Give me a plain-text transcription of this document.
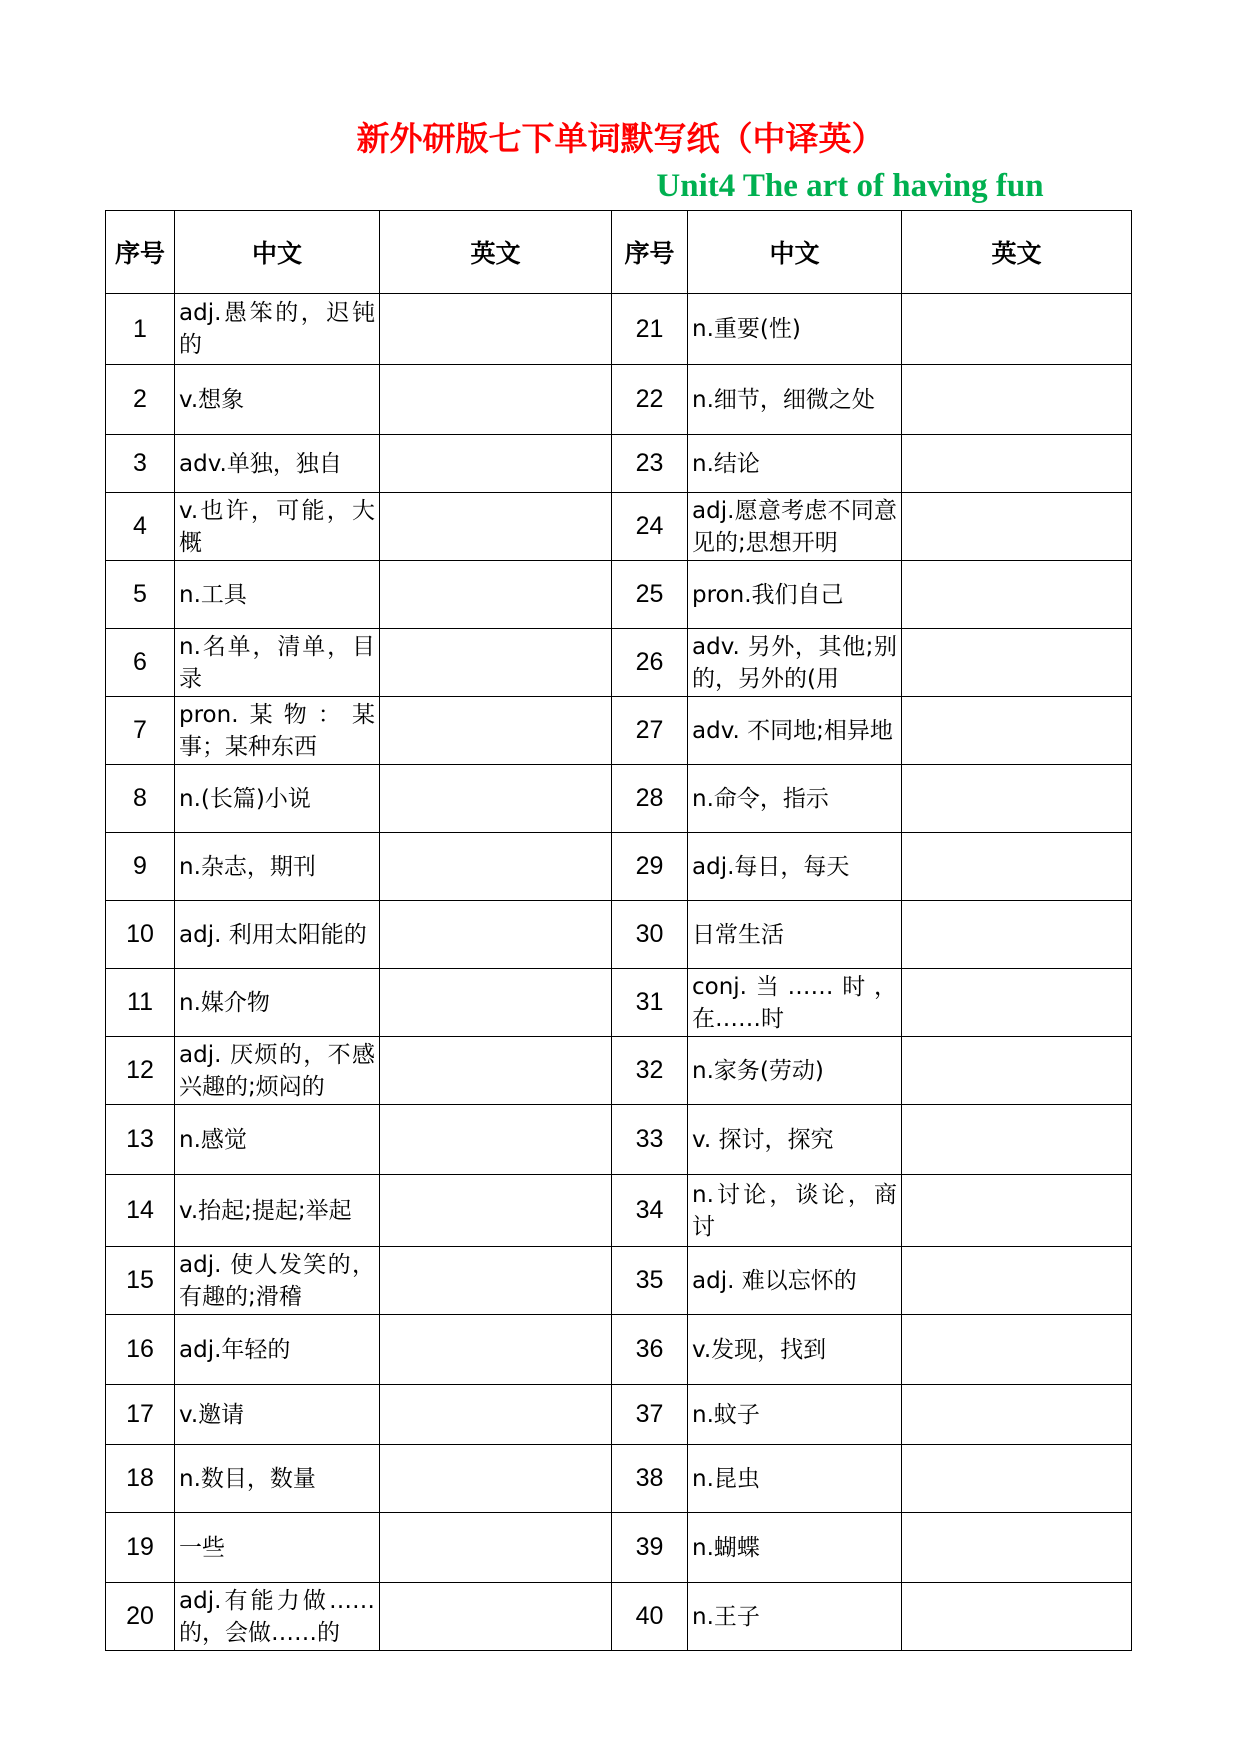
新外研版七下单词默写纸（中译英）
Unit4 The art of having fun
序号	中文	英文	序号	中文	英文
1	adj.愚笨的，迟钝的		21	n.重要(性)	

2	v.想象		22	n.细节，细微之处	

3	adv.单独，独自		23	n.结论	

4	v.也许，可能，大概		24	adj.愿意考虑不同意见的;思想开明	

5	n.工具		25	pron.我们自己	

6	n.名单，清单，目录		26	adv. 另外，其他;别的，另外的(用	

7	pron.某物：某事；某种东西		27	adv. 不同地;相异地	

8	n.(长篇)小说		28	n.命令，指示	

9	n.杂志，期刊		29	adj.每日，每天	

10	adj. 利用太阳能的		30	日常生活	

11	n.媒介物		31	conj.当……时，在……时	

12	adj. 厌烦的，不感兴趣的;烦闷的		32	n.家务(劳动)	

13	n.感觉		33	v. 探讨，探究	

14	v.抬起;提起;举起		34	n.讨论，谈论，商讨	

15	adj. 使人发笑的，有趣的;滑稽		35	adj. 难以忘怀的	

16	adj.年轻的		36	v.发现，找到	

17	v.邀请		37	n.蚊子	

18	n.数目，数量		38	n.昆虫	

19	一些		39	n.蝴蝶	

20	adj.有能力做……的，会做……的		40	n.王子	
